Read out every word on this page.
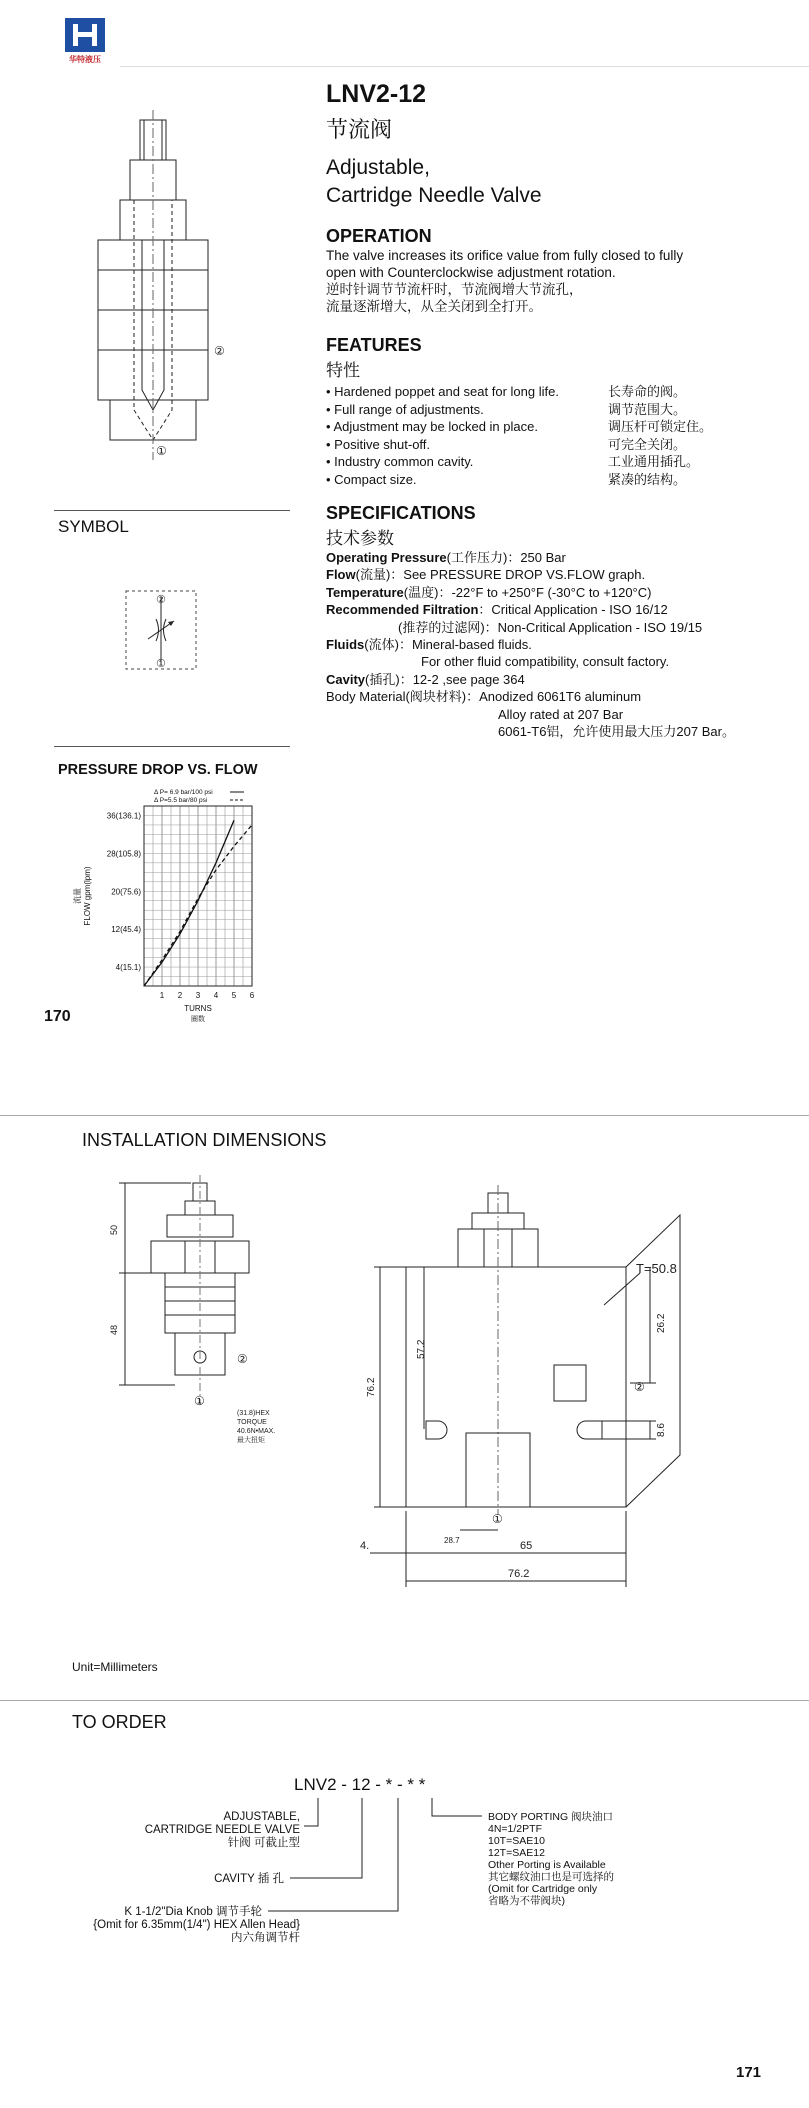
华特液压
LNV2-12
节流阀
Adjustable,
Cartridge Needle Valve
OPERATION
The valve increases its orifice value from fully closed to fully
open with Counterclockwise adjustment rotation.
逆时针调节节流杆时，节流阀增大节流孔，
流量逐渐增大，从全关闭到全打开。
FEATURES
特性
• Hardened poppet and seat for long life.	长寿命的阀。
• Full range of adjustments.	调节范围大。
• Adjustment may be locked in place.	调压杆可锁定住。
• Positive shut-off.	可完全关闭。
• Industry common cavity.	工业通用插孔。
• Compact size.	紧凑的结构。
SPECIFICATIONS
技术参数
Operating Pressure(工作压力)：250 Bar
Flow(流量)：See PRESSURE DROP VS.FLOW graph.
Temperature(温度)：-22°F to +250°F (-30°C to +120°C)
Recommended Filtration：Critical Application - ISO 16/12
(推荐的过滤网)：Non-Critical Application - ISO 19/15
Fluids(流体)：Mineral-based fluids.
For other fluid compatibility, consult factory.
Cavity(插孔)：12-2 ,see page 364
Body Material(阀块材料)：Anodized 6061T6 aluminum
Alloy rated at 207 Bar
6061-T6铝，允许使用最大压力207 Bar。
②
①
SYMBOL
②
①
PRESSURE DROP VS. FLOW
1 2 3 4 5 6
4(15.1)
12(45.4)
20(75.6)
28(105.8)
36(136.1)
TURNS
圈数
流量 FLOW gpm(lpm)
Δ P= 6.9 bar/100 psi
Δ P=5.5 bar/80 psi
170
INSTALLATION DIMENSIONS
50
48
②
①
(31.8)HEX
TORQUE
40.6N•MAX.
最大扭矩
T=50.8
76.2
57.2
26.2
8.6
①
②
28.7	65
4.
76.2
Unit=Millimeters
TO ORDER
LNV2 - 12 - * - * *
ADJUSTABLE,
CARTRIDGE NEEDLE VALVE
针阀 可截止型
CAVITY 插 孔
K 1-1/2"Dia Knob 调节手轮
{Omit for 6.35mm(1/4") HEX Allen Head}
内六角调节杆
BODY PORTING 阀块油口
4N=1/2PTF
10T=SAE10
12T=SAE12
Other Porting is Available
其它螺纹油口也是可选择的
(Omit for Cartridge only
省略为不带阀块)
171
